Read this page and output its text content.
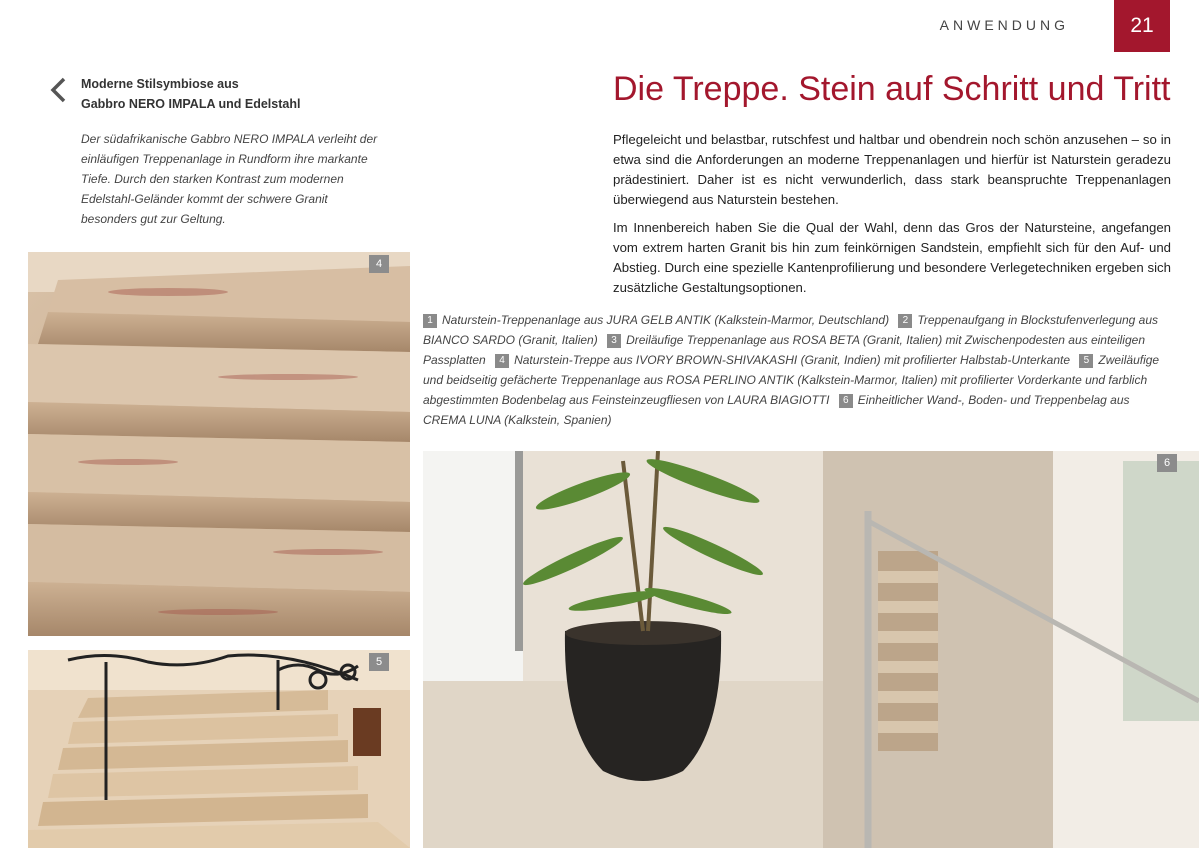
ANWENDUNG	21
Moderne Stilsymbiose aus
Gabbro NERO IMPALA und Edelstahl
Der südafrikanische Gabbro NERO IMPALA verleiht der einläufigen Treppenanlage in Rundform ihre markante Tiefe. Durch den starken Kontrast zum modernen Edelstahl-Geländer kommt der schwere Granit besonders gut zur Geltung.
Die Treppe. Stein auf Schritt und Tritt

Pflegeleicht und belastbar, rutschfest und haltbar und obendrein noch schön anzusehen – so in etwa sind die Anforderungen an moderne Treppenanlagen und hierfür ist Naturstein geradezu prädestiniert. Daher ist es nicht verwunderlich, dass stark beanspruchte Treppenanlagen überwiegend aus Naturstein bestehen.

Im Innenbereich haben Sie die Qual der Wahl, denn das Gros der Natursteine, angefangen vom extrem harten Granit bis hin zum feinkörnigen Sandstein, empfiehlt sich für den Auf- und Abstieg. Durch eine spezielle Kantenprofilierung und besondere Verlegetechniken ergeben sich zusätzliche Gestaltungsoptionen.

1 Naturstein-Treppenanlage aus JURA GELB ANTIK (Kalkstein-Marmor, Deutschland) 2 Treppenaufgang in Blockstufenverlegung aus BIANCO SARDO (Granit, Italien) 3 Dreiläufige Treppenanlage aus ROSA BETA (Granit, Italien) mit Zwischenpodesten aus einteiligen Passplatten 4 Naturstein-Treppe aus IVORY BROWN-SHIVAKASHI (Granit, Indien) mit profilierter Halbstab-Unterkante 5 Zweiläufige und beidseitig gefächerte Treppenanlage aus ROSA PERLINO ANTIK (Kalkstein-Marmor, Italien) mit profilierter Vorderkante und farblich abgestimmten Bodenbelag aus Feinsteinzeugfliesen von LAURA BIAGIOTTI 6 Einheitlicher Wand-, Boden- und Treppenbelag aus CREMA LUNA (Kalkstein, Spanien)
4
5
6
